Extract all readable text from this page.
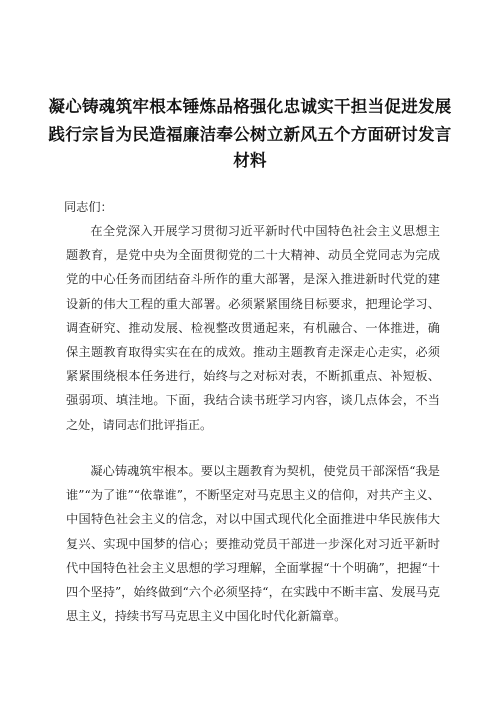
凝心铸魂筑牢根本锤炼品格强化忠诚实干担当促进发展
践行宗旨为民造福廉洁奉公树立新风五个方面研讨发言
材料
同志们：

在全党深入开展学习贯彻习近平新时代中国特色社会主义思想主题教育，是党中央为全面贯彻党的二十大精神、动员全党同志为完成党的中心任务而团结奋斗所作的重大部署，是深入推进新时代党的建设新的伟大工程的重大部署。必须紧紧围绕目标要求，把理论学习、调查研究、推动发展、检视整改贯通起来，有机融合、一体推进，确保主题教育取得实实在在的成效。推动主题教育走深走心走实，必须紧紧围绕根本任务进行，始终与之对标对表，不断抓重点、补短板、强弱项、填洼地。下面，我结合读书班学习内容，谈几点体会，不当之处，请同志们批评指正。

凝心铸魂筑牢根本。要以主题教育为契机，使党员干部深悟“我是谁”“为了谁”“依靠谁”，不断坚定对马克思主义的信仰，对共产主义、中国特色社会主义的信念，对以中国式现代化全面推进中华民族伟大复兴、实现中国梦的信心；要推动党员干部进一步深化对习近平新时代中国特色社会主义思想的学习理解，全面掌握“十个明确”，把握“十四个坚持”，始终做到“六个必须坚持“，在实践中不断丰富、发展马克思主义，持续书写马克思主义中国化时代化新篇章。
